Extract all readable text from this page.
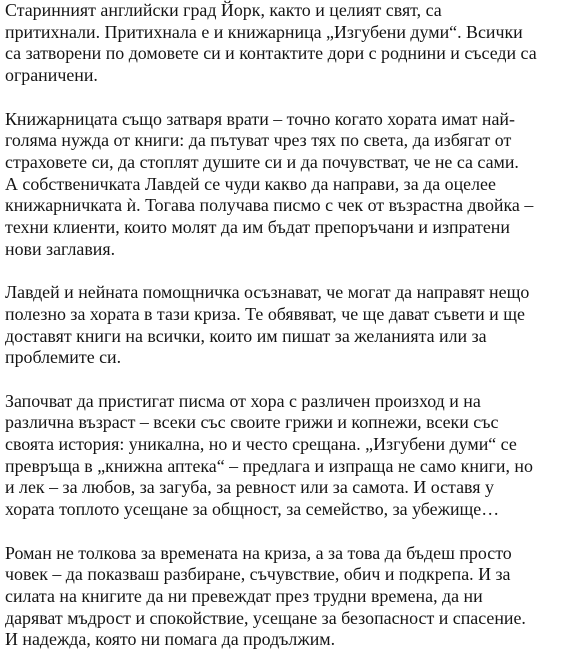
Старинният английски град Йорк, както и целият свят, са
притихнали. Притихнала е и книжарница „Изгубени думи“. Всички
са затворени по домовете си и контактите дори с роднини и съседи са
ограничени.
Книжарницата също затваря врати – точно когато хората имат най-
голяма нужда от книги: да пътуват чрез тях по света, да избягат от
страховете си, да стоплят душите си и да почувстват, че не са сами.
А собственичката Лавдей се чуди какво да направи, за да оцелее
книжарничката ѝ. Тогава получава писмо с чек от възрастна двойка –
техни клиенти, които молят да им бъдат препоръчани и изпратени
нови заглавия.
Лавдей и нейната помощничка осъзнават, че могат да направят нещо
полезно за хората в тази криза. Те обявяват, че ще дават съвети и ще
доставят книги на всички, които им пишат за желанията или за
проблемите си.
Започват да пристигат писма от хора с различен произход и на
различна възраст – всеки със своите грижи и копнежи, всеки със
своята история: уникална, но и често срещана. „Изгубени думи“ се
превръща в „книжна аптека“ – предлага и изпраща не само книги, но
и лек – за любов, за загуба, за ревност или за самота. И оставя у
хората топлото усещане за общност, за семейство, за убежище…
Роман не толкова за времената на криза, а за това да бъдеш просто
човек – да показваш разбиране, съчувствие, обич и подкрепа. И за
силата на книгите да ни превеждат през трудни времена, да ни
даряват мъдрост и спокойствие, усещане за безопасност и спасение.
И надежда, която ни помага да продължим.
